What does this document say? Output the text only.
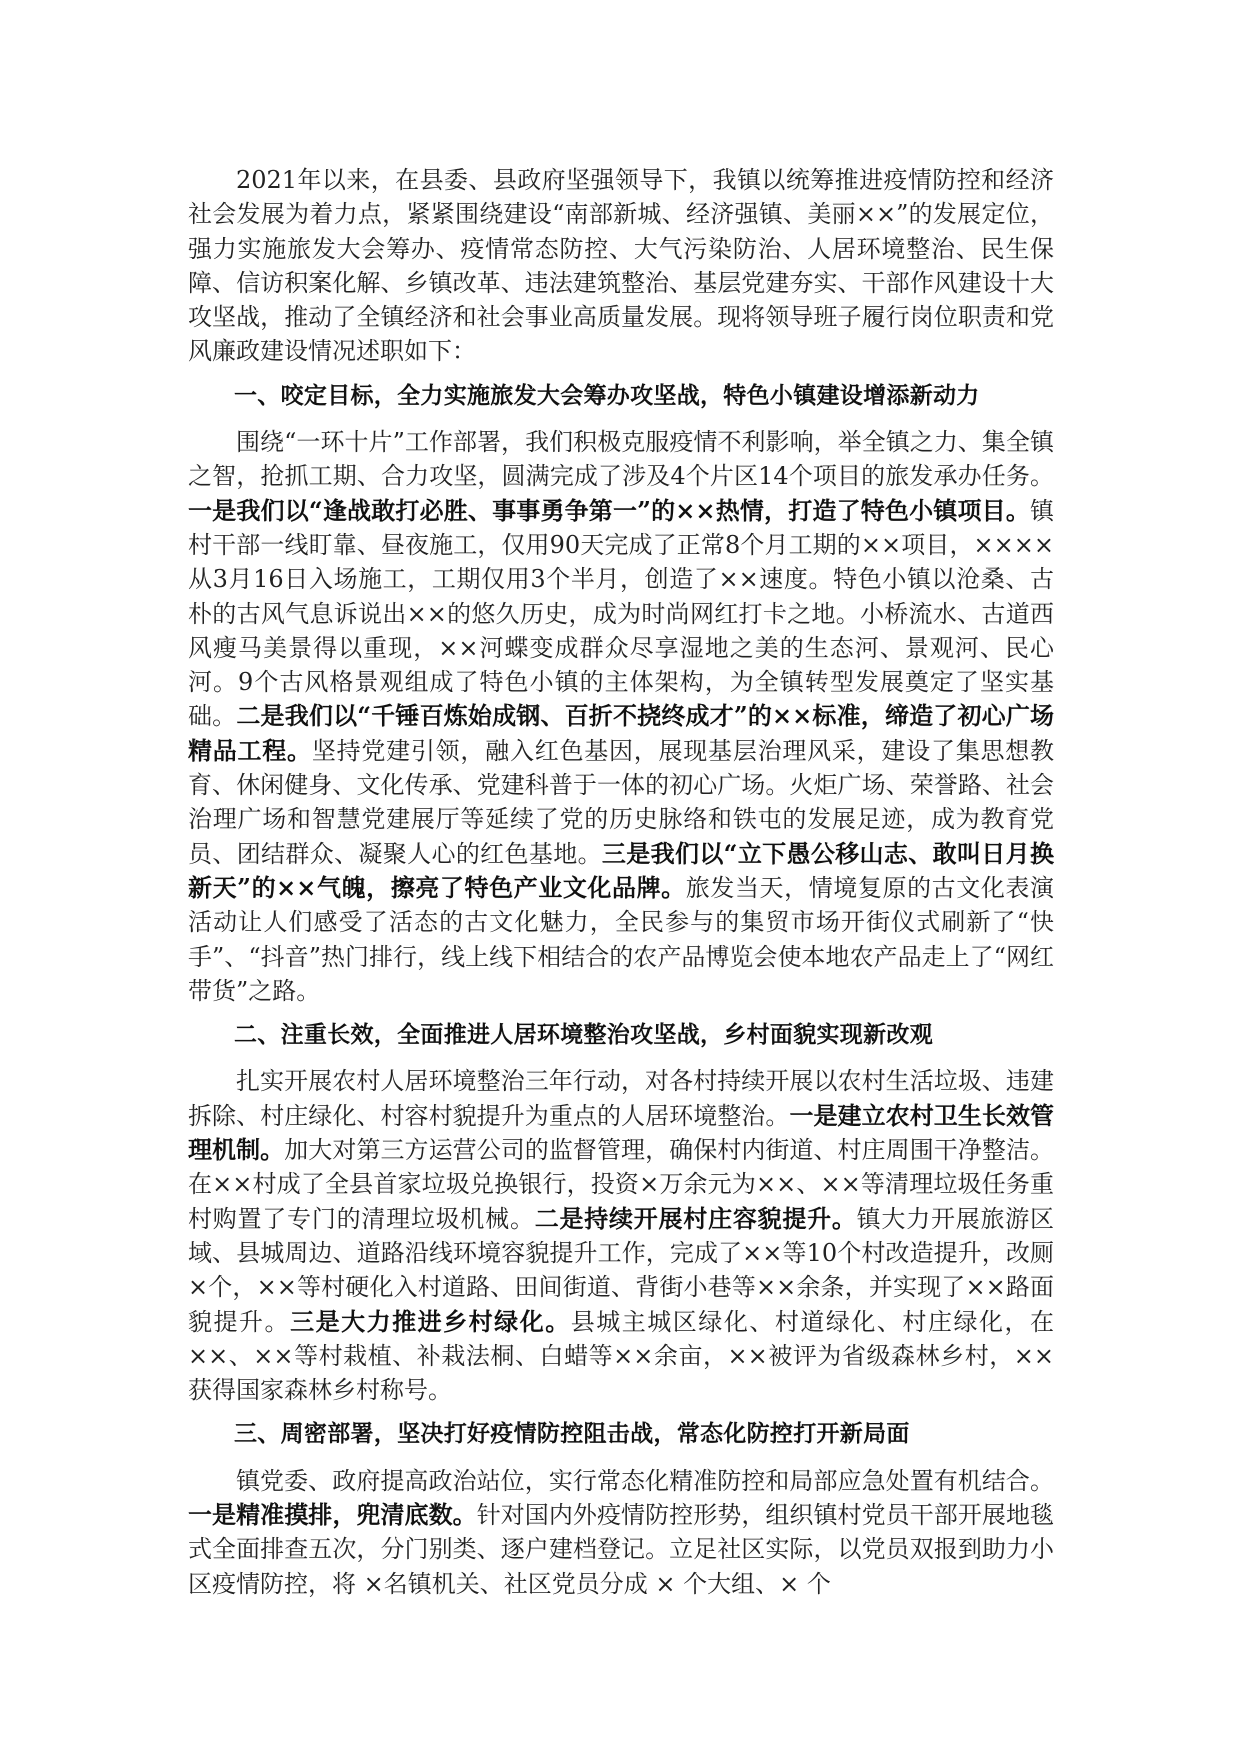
2021年以来，在县委、县政府坚强领导下，我镇以统筹推进疫情防控和经济社会发展为着力点，紧紧围绕建设“南部新城、经济强镇、美丽××”的发展定位，强力实施旅发大会筹办、疫情常态防控、大气污染防治、人居环境整治、民生保障、信访积案化解、乡镇改革、违法建筑整治、基层党建夯实、干部作风建设十大攻坚战，推动了全镇经济和社会事业高质量发展。现将领导班子履行岗位职责和党风廉政建设情况述职如下：

一、咬定目标，全力实施旅发大会筹办攻坚战，特色小镇建设增添新动力

围绕“一环十片”工作部署，我们积极克服疫情不利影响，举全镇之力、集全镇之智，抢抓工期、合力攻坚，圆满完成了涉及4个片区14个项目的旅发承办任务。一是我们以“逢战敢打必胜、事事勇争第一”的××热情，打造了特色小镇项目。镇村干部一线盯靠、昼夜施工，仅用90天完成了正常8个月工期的××项目，××××从3月16日入场施工，工期仅用3个半月，创造了××速度。特色小镇以沧桑、古朴的古风气息诉说出××的悠久历史，成为时尚网红打卡之地。小桥流水、古道西风瘦马美景得以重现，××河蝶变成群众尽享湿地之美的生态河、景观河、民心河。9个古风格景观组成了特色小镇的主体架构，为全镇转型发展奠定了坚实基础。二是我们以“千锤百炼始成钢、百折不挠终成才”的××标准，缔造了初心广场精品工程。坚持党建引领，融入红色基因，展现基层治理风采，建设了集思想教育、休闲健身、文化传承、党建科普于一体的初心广场。火炬广场、荣誉路、社会治理广场和智慧党建展厅等延续了党的历史脉络和铁屯的发展足迹，成为教育党员、团结群众、凝聚人心的红色基地。三是我们以“立下愚公移山志、敢叫日月换新天”的××气魄，擦亮了特色产业文化品牌。旅发当天，情境复原的古文化表演活动让人们感受了活态的古文化魅力，全民参与的集贸市场开街仪式刷新了“快手”、“抖音”热门排行，线上线下相结合的农产品博览会使本地农产品走上了“网红带货”之路。

二、注重长效，全面推进人居环境整治攻坚战，乡村面貌实现新改观

扎实开展农村人居环境整治三年行动，对各村持续开展以农村生活垃圾、违建拆除、村庄绿化、村容村貌提升为重点的人居环境整治。一是建立农村卫生长效管理机制。加大对第三方运营公司的监督管理，确保村内街道、村庄周围干净整洁。在××村成了全县首家垃圾兑换银行，投资×万余元为××、××等清理垃圾任务重村购置了专门的清理垃圾机械。二是持续开展村庄容貌提升。镇大力开展旅游区域、县城周边、道路沿线环境容貌提升工作，完成了××等10个村改造提升，改厕×个，××等村硬化入村道路、田间街道、背街小巷等××余条，并实现了××路面貌提升。三是大力推进乡村绿化。县城主城区绿化、村道绿化、村庄绿化，在××、××等村栽植、补栽法桐、白蜡等××余亩，××被评为省级森林乡村，××获得国家森林乡村称号。

三、周密部署，坚决打好疫情防控阻击战，常态化防控打开新局面

镇党委、政府提高政治站位，实行常态化精准防控和局部应急处置有机结合。一是精准摸排，兜清底数。针对国内外疫情防控形势，组织镇村党员干部开展地毯式全面排查五次，分门别类、逐户建档登记。立足社区实际，以党员双报到助力小区疫情防控，将 ×名镇机关、社区党员分成 × 个大组、× 个
